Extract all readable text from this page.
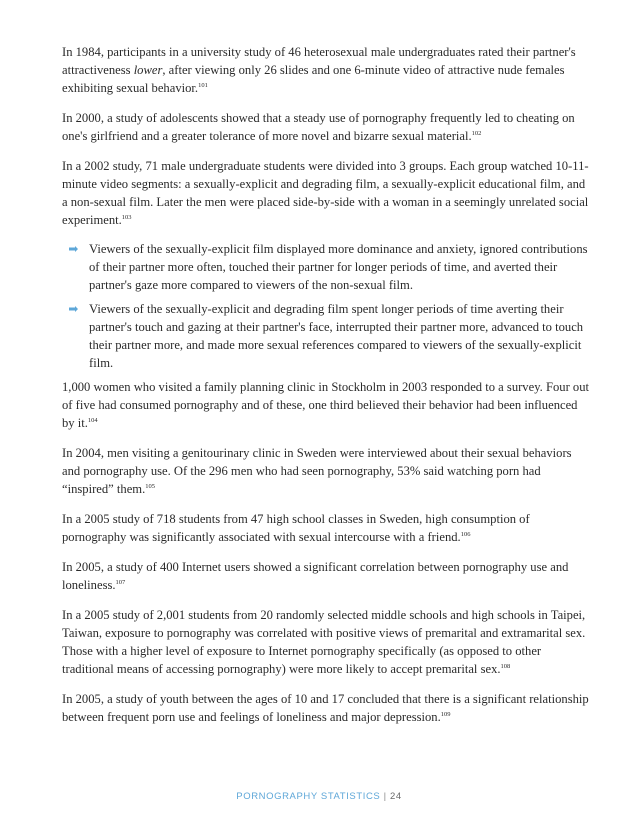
In 1984, participants in a university study of 46 heterosexual male undergraduates rated their partner's attractiveness lower, after viewing only 26 slides and one 6-minute video of attractive nude females exhibiting sexual behavior.$^{101}$

In 2000, a study of adolescents showed that a steady use of pornography frequently led to cheating on one's girlfriend and a greater tolerance of more novel and bizarre sexual material.$^{102}$

In a 2002 study, 71 male undergraduate students were divided into 3 groups. Each group watched 10-11-minute video segments: a sexually-explicit and degrading film, a sexually-explicit educational film, and a non-sexual film. Later the men were placed side-by-side with a woman in a seemingly unrelated social experiment.$^{103}$

Viewers of the sexually-explicit film displayed more dominance and anxiety, ignored contributions of their partner more often, touched their partner for longer periods of time, and averted their partner's gaze more compared to viewers of the non-sexual film.
Viewers of the sexually-explicit and degrading film spent longer periods of time averting their partner's touch and gazing at their partner's face, interrupted their partner more, advanced to touch their partner more, and made more sexual references compared to viewers of the sexually-explicit film.

1,000 women who visited a family planning clinic in Stockholm in 2003 responded to a survey. Four out of five had consumed pornography and of these, one third believed their behavior had been influenced by it.$^{104}$

In 2004, men visiting a genitourinary clinic in Sweden were interviewed about their sexual behaviors and pornography use. Of the 296 men who had seen pornography, 53% said watching porn had “inspired” them.$^{105}$

In a 2005 study of 718 students from 47 high school classes in Sweden, high consumption of pornography was significantly associated with sexual intercourse with a friend.$^{106}$

In 2005, a study of 400 Internet users showed a significant correlation between pornography use and loneliness.$^{107}$

In a 2005 study of 2,001 students from 20 randomly selected middle schools and high schools in Taipei, Taiwan, exposure to pornography was correlated with positive views of premarital and extramarital sex. Those with a higher level of exposure to Internet pornography specifically (as opposed to other traditional means of accessing pornography) were more likely to accept premarital sex.$^{108}$

In 2005, a study of youth between the ages of 10 and 17 concluded that there is a significant relationship between frequent porn use and feelings of loneliness and major depression.$^{109}$

PORNOGRAPHY STATISTICS | 24
